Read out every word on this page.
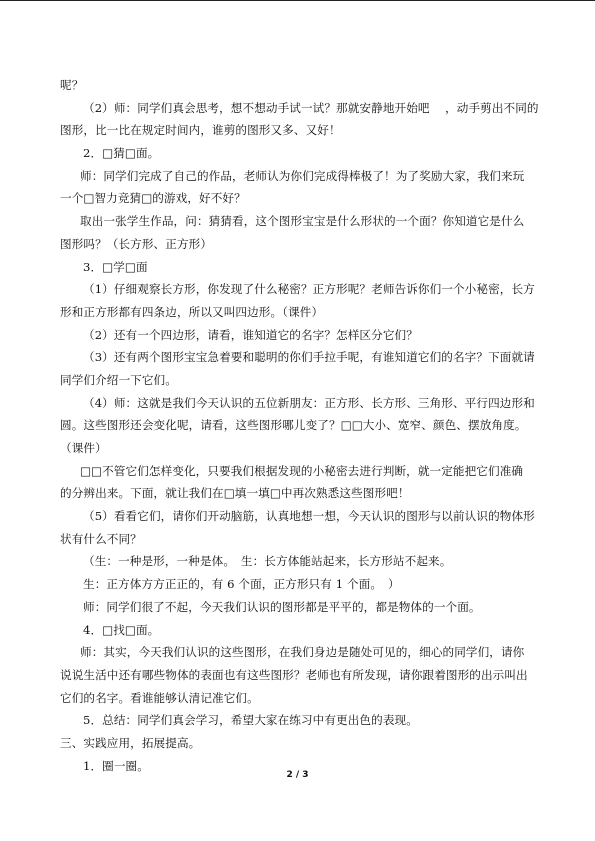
呢？
（2）师：同学们真会思考，想不想动手试一试？那就安静地开始吧　 ，动手剪出不同的
图形，比一比在规定时间内，谁剪的图形又多、又好！
2．□猜□面。
师：同学们完成了自己的作品，老师认为你们完成得棒极了！为了奖励大家，我们来玩
一个□智力竞猜□的游戏，好不好？
取出一张学生作品，问：猜猜看，这个图形宝宝是什么形状的一个面？你知道它是什么
图形吗？（长方形、正方形）
3．□学□面
（1）仔细观察长方形，你发现了什么秘密？正方形呢？老师告诉你们一个小秘密，长方
形和正方形都有四条边，所以又叫四边形。（课件）
（2）还有一个四边形，请看，谁知道它的名字？怎样区分它们？
（3）还有两个图形宝宝急着要和聪明的你们手拉手呢，有谁知道它们的名字？下面就请
同学们介绍一下它们。
（4）师：这就是我们今天认识的五位新朋友：正方形、长方形、三角形、平行四边形和
圆。这些图形还会变化呢，请看，这些图形哪儿变了？□□大小、宽窄、颜色、摆放角度。
（课件）
□□不管它们怎样变化，只要我们根据发现的小秘密去进行判断，就一定能把它们准确
的分辨出来。下面，就让我们在□填一填□中再次熟悉这些图形吧！
（5）看看它们，请你们开动脑筋，认真地想一想，今天认识的图形与以前认识的物体形
状有什么不同？
（生：一种是形，一种是体。　生：长方体能站起来，长方形站不起来。
生：正方体方方正正的，有 6 个面，正方形只有 1 个面。　）
师：同学们很了不起，今天我们认识的图形都是平平的，都是物体的一个面。
4．□找□面。
师：其实，今天我们认识的这些图形，在我们身边是随处可见的，细心的同学们，请你
说说生活中还有哪些物体的表面也有这些图形？老师也有所发现，请你跟着图形的出示叫出
它们的名字。看谁能够认清记准它们。
5．总结：同学们真会学习，希望大家在练习中有更出色的表现。
三、实践应用，拓展提高。
1．圈一圈。
2 / 3
